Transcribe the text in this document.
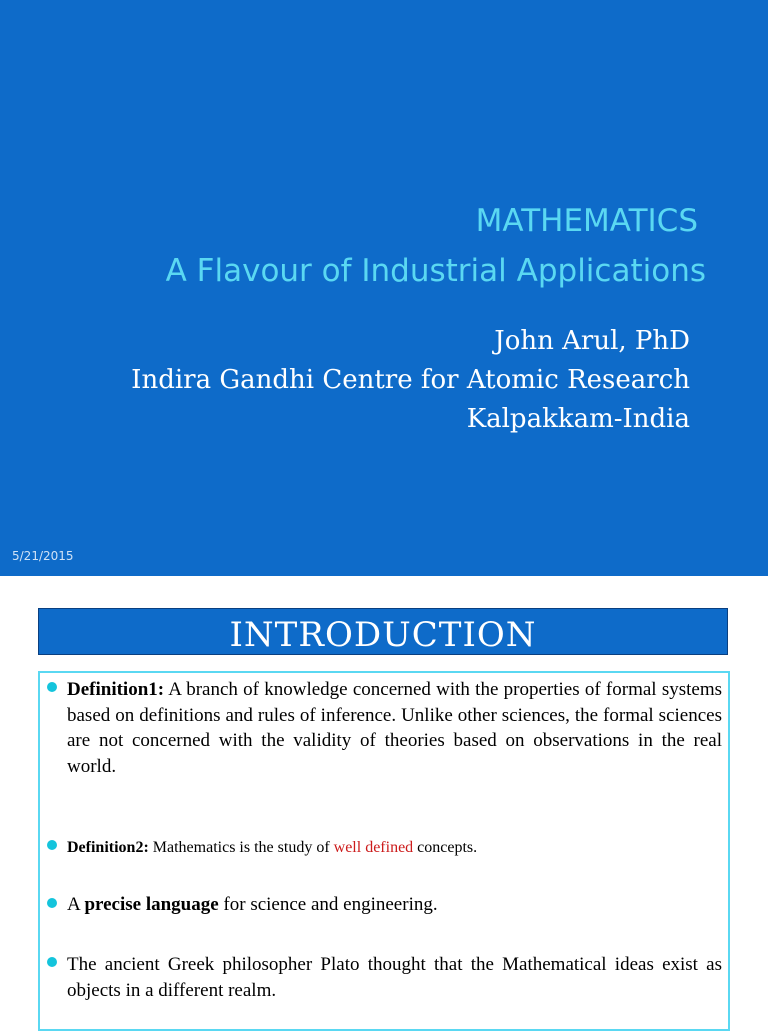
MATHEMATICS
A Flavour of Industrial Applications
John Arul, PhD
Indira Gandhi Centre for Atomic Research
Kalpakkam-India
5/21/2015
INTRODUCTION
Definition1: A branch of knowledge concerned with the properties of formal systems based on definitions and rules of inference. Unlike other sciences, the formal sciences are not concerned with the validity of theories based on observations in the real world.
Definition2: Mathematics is the study of well defined concepts.
A precise language for science and engineering.
The ancient Greek philosopher Plato thought that the Mathematical ideas exist as objects in a different realm.
